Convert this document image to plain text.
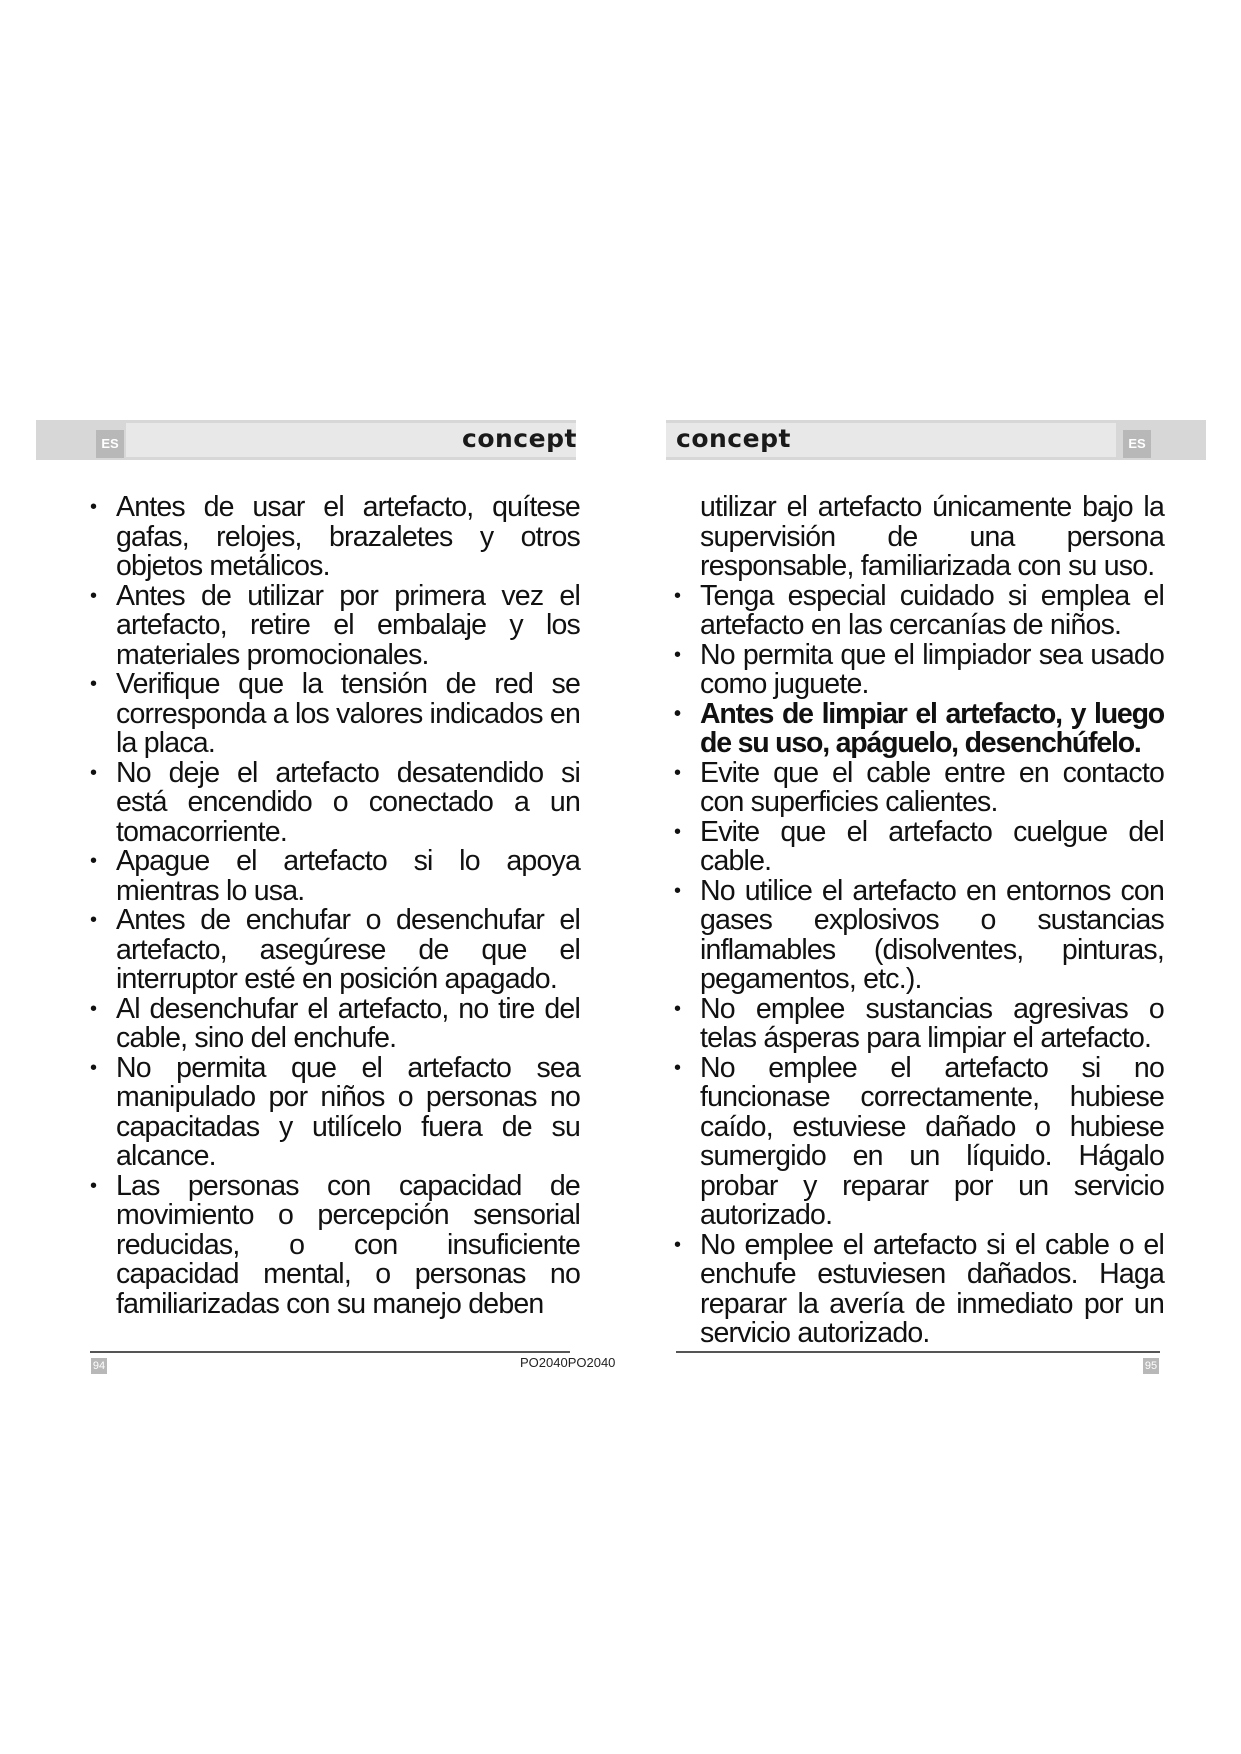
ES	ES
concept	concept
• Antes de usar el artefacto, quítese gafas, relojes, brazaletes y otros objetos metálicos.
• Antes de utilizar por primera vez el artefacto, retire el embalaje y los materiales promocionales.
• Verifique que la tensión de red se corresponda a los valores indicados en la placa.
• No deje el artefacto desatendido si está encendido o conectado a un tomacorriente.
• Apague el artefacto si lo apoya mientras lo usa.
• Antes de enchufar o desenchufar el artefacto, asegúrese de que el interruptor esté en posición apagado.
• Al desenchufar el artefacto, no tire del cable, sino del enchufe.
• No permita que el artefacto sea manipulado por niños o personas no capacitadas y utilícelo fuera de su alcance.
• Las personas con capacidad de movimiento o percepción sensorial reducidas, o con insuficiente capacidad mental, o personas no familiarizadas con su manejo deben
utilizar el artefacto únicamente bajo la supervisión de una persona responsable, familiarizada con su uso.
• Tenga especial cuidado si emplea el artefacto en las cercanías de niños.
• No permita que el limpiador sea usado como juguete.
• Antes de limpiar el artefacto, y luego de su uso, apáguelo, desenchúfelo.
• Evite que el cable entre en contacto con superficies calientes.
• Evite que el artefacto cuelgue del cable.
• No utilice el artefacto en entornos con gases explosivos o sustancias inflamables (disolventes, pinturas, pegamentos, etc.).
• No emplee sustancias agresivas o telas ásperas para limpiar el artefacto.
• No emplee el artefacto si no funcionase correctamente, hubiese caído, estuviese dañado o hubiese sumergido en un líquido. Hágalo probar y reparar por un servicio autorizado.
• No emplee el artefacto si el cable o el enchufe estuviesen dañados. Haga reparar la avería de inmediato por un servicio autorizado.
94	95
PO2040PO2040
